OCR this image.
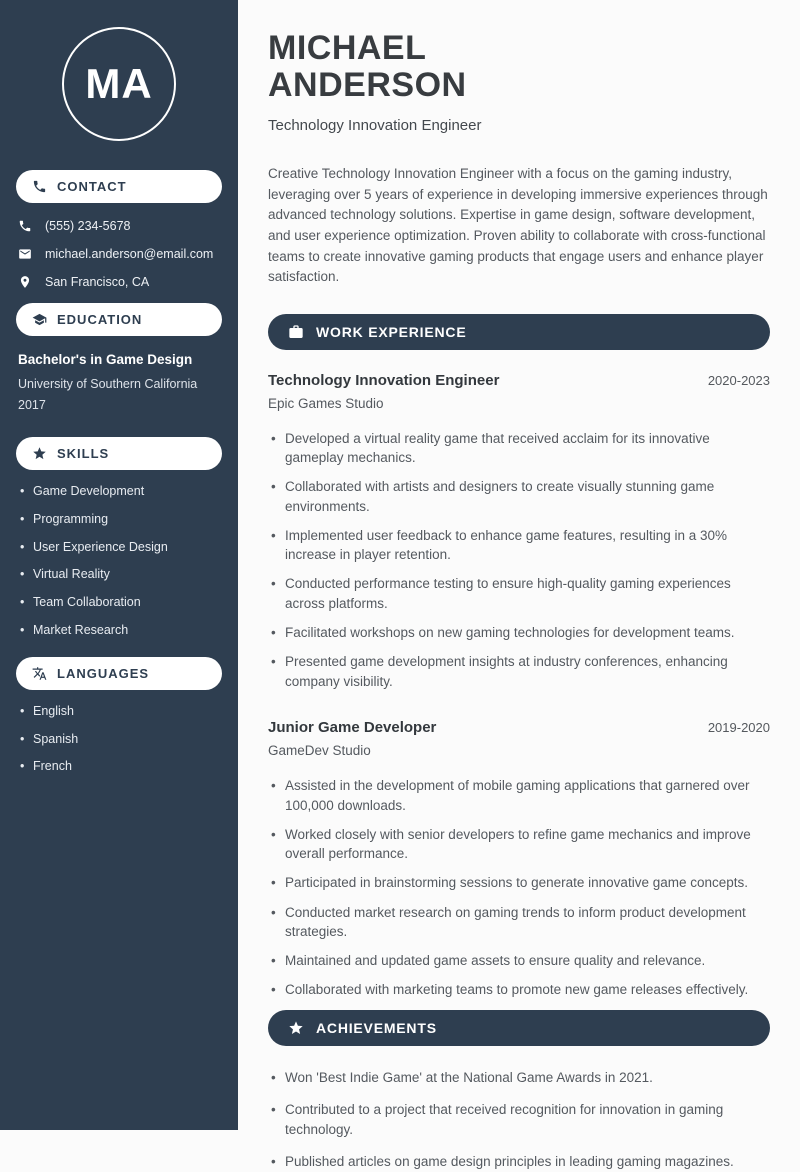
MA
CONTACT
(555) 234-5678
michael.anderson@email.com
San Francisco, CA
EDUCATION
Bachelor's in Game Design
University of Southern California
2017
SKILLS
• Game Development
• Programming
• User Experience Design
• Virtual Reality
• Team Collaboration
• Market Research
LANGUAGES
• English
• Spanish
• French
MICHAEL
ANDERSON
Technology Innovation Engineer

Creative Technology Innovation Engineer with a focus on the gaming industry, leveraging over 5 years of experience in developing immersive experiences through advanced technology solutions. Expertise in game design, software development, and user experience optimization. Proven ability to collaborate with cross-functional teams to create innovative gaming products that engage users and enhance player satisfaction.

WORK EXPERIENCE
Technology Innovation Engineer	2020-2023
Epic Games Studio
• Developed a virtual reality game that received acclaim for its innovative gameplay mechanics.
• Collaborated with artists and designers to create visually stunning game environments.
• Implemented user feedback to enhance game features, resulting in a 30% increase in player retention.
• Conducted performance testing to ensure high-quality gaming experiences across platforms.
• Facilitated workshops on new gaming technologies for development teams.
• Presented game development insights at industry conferences, enhancing company visibility.
Junior Game Developer	2019-2020
GameDev Studio
• Assisted in the development of mobile gaming applications that garnered over 100,000 downloads.
• Worked closely with senior developers to refine game mechanics and improve overall performance.
• Participated in brainstorming sessions to generate innovative game concepts.
• Conducted market research on gaming trends to inform product development strategies.
• Maintained and updated game assets to ensure quality and relevance.
• Collaborated with marketing teams to promote new game releases effectively.
ACHIEVEMENTS
• Won 'Best Indie Game' at the National Game Awards in 2021.
• Contributed to a project that received recognition for innovation in gaming technology.
• Published articles on game design principles in leading gaming magazines.
